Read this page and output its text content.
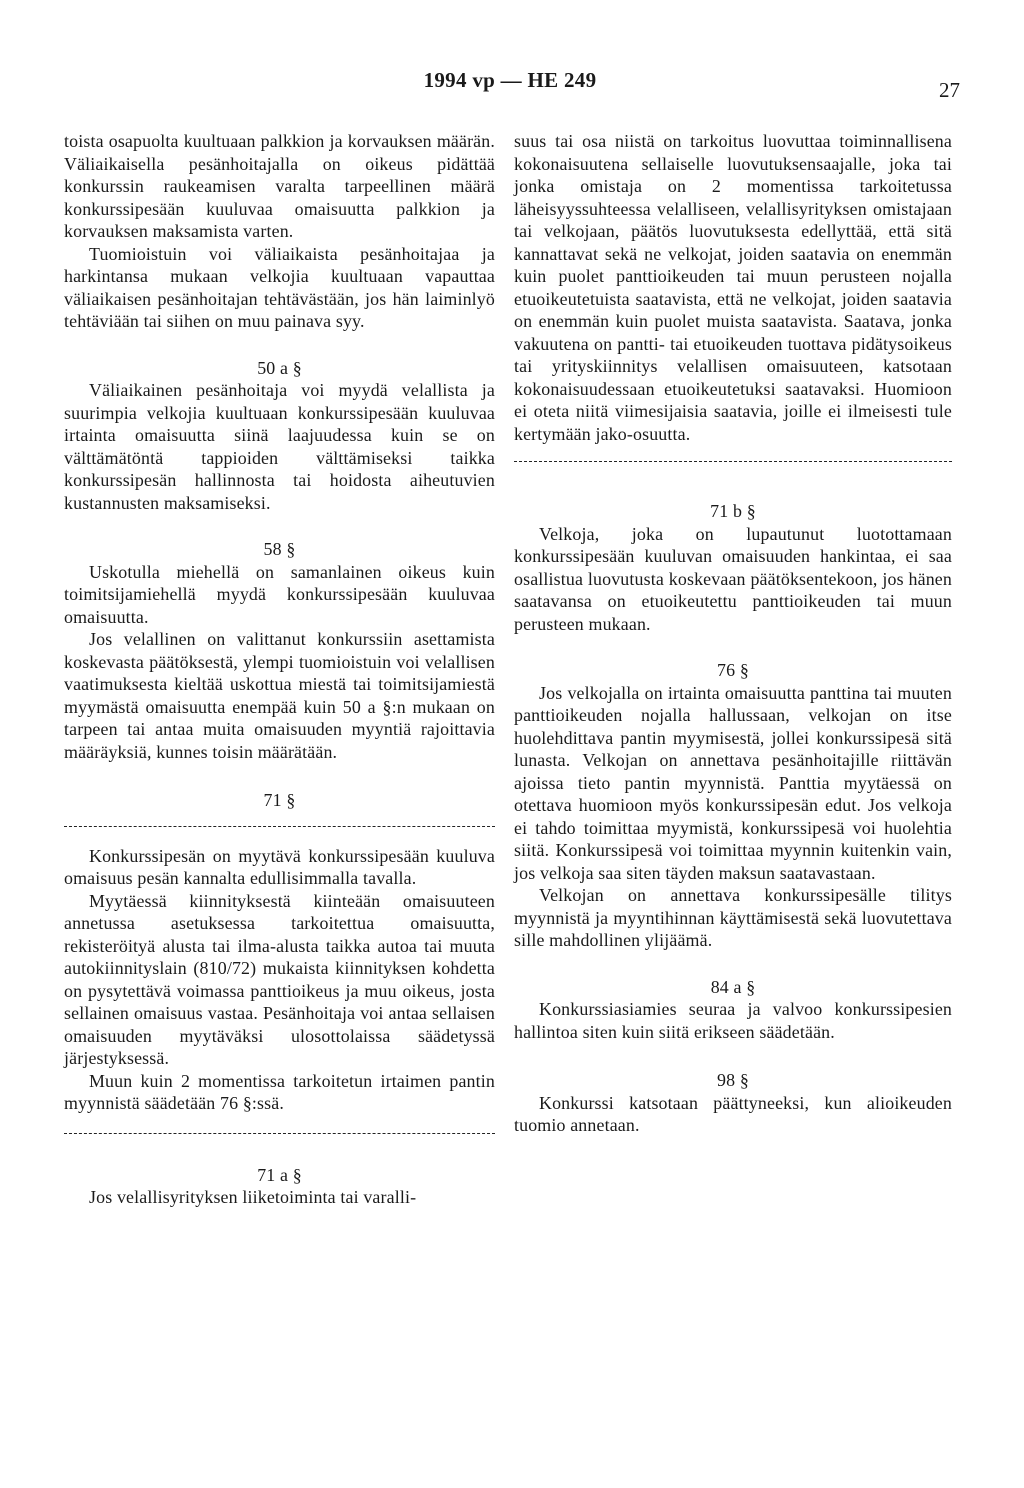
1994 vp — HE 249	27

toista osapuolta kuultuaan palkkion ja korvauksen määrän. Väliaikaisella pesänhoitajalla on oikeus pidättää konkurssin raukeamisen varalta tarpeellinen määrä konkurssipesään kuuluvaa omaisuutta palkkion ja korvauksen maksamista varten.

Tuomioistuin voi väliaikaista pesänhoitajaa ja harkintansa mukaan velkojia kuultuaan vapauttaa väliaikaisen pesänhoitajan tehtävästään, jos hän laiminlyö tehtäviään tai siihen on muu painava syy.

50 a §

Väliaikainen pesänhoitaja voi myydä velallista ja suurimpia velkojia kuultuaan konkurssipesään kuuluvaa irtainta omaisuutta siinä laajuudessa kuin se on välttämätöntä tappioiden välttämiseksi taikka konkurssipesän hallinnosta tai hoidosta aiheutuvien kustannusten maksamiseksi.

58 §

Uskotulla miehellä on samanlainen oikeus kuin toimitsijamiehellä myydä konkurssipesään kuuluvaa omaisuutta.

Jos velallinen on valittanut konkurssiin asettamista koskevasta päätöksestä, ylempi tuomioistuin voi velallisen vaatimuksesta kieltää uskottua miestä tai toimitsijamiestä myymästä omaisuutta enempää kuin 50 a §:n mukaan on tarpeen tai antaa muita omaisuuden myyntiä rajoittavia määräyksiä, kunnes toisin määrätään.

71 §

Konkurssipesän on myytävä konkurssipesään kuuluva omaisuus pesän kannalta edullisimmalla tavalla.

Myytäessä kiinnityksestä kiinteään omaisuuteen annetussa asetuksessa tarkoitettua omaisuutta, rekisteröityä alusta tai ilma-alusta taikka autoa tai muuta autokiinnityslain (810/72) mukaista kiinnityksen kohdetta on pysytettävä voimassa panttioikeus ja muu oikeus, josta sellainen omaisuus vastaa. Pesänhoitaja voi antaa sellaisen omaisuuden myytäväksi ulosottolaissa säädetyssä järjestyksessä.

Muun kuin 2 momentissa tarkoitetun irtaimen pantin myynnistä säädetään 76 §:ssä.

71 a §

Jos velallisyrityksen liiketoiminta tai varalli-

suus tai osa niistä on tarkoitus luovuttaa toiminnallisena kokonaisuutena sellaiselle luovutuksensaajalle, joka tai jonka omistaja on 2 momentissa tarkoitetussa läheisyyssuhteessa velalliseen, velallisyrityksen omistajaan tai velkojaan, päätös luovutuksesta edellyttää, että sitä kannattavat sekä ne velkojat, joiden saatavia on enemmän kuin puolet panttioikeuden tai muun perusteen nojalla etuoikeutetuista saatavista, että ne velkojat, joiden saatavia on enemmän kuin puolet muista saatavista. Saatava, jonka vakuutena on pantti- tai etuoikeuden tuottava pidätysoikeus tai yrityskiinnitys velallisen omaisuuteen, katsotaan kokonaisuudessaan etuoikeutetuksi saatavaksi. Huomioon ei oteta niitä viimesijaisia saatavia, joille ei ilmeisesti tule kertymään jako-osuutta.

71 b §

Velkoja, joka on lupautunut luotottamaan konkurssipesään kuuluvan omaisuuden hankintaa, ei saa osallistua luovutusta koskevaan päätöksentekoon, jos hänen saatavansa on etuoikeutettu panttioikeuden tai muun perusteen mukaan.

76 §

Jos velkojalla on irtainta omaisuutta panttina tai muuten panttioikeuden nojalla hallussaan, velkojan on itse huolehdittava pantin myymisestä, jollei konkurssipesä sitä lunasta. Velkojan on annettava pesänhoitajille riittävän ajoissa tieto pantin myynnistä. Panttia myytäessä on otettava huomioon myös konkurssipesän edut. Jos velkoja ei tahdo toimittaa myymistä, konkurssipesä voi huolehtia siitä. Konkurssipesä voi toimittaa myynnin kuitenkin vain, jos velkoja saa siten täyden maksun saatavastaan.

Velkojan on annettava konkurssipesälle tilitys myynnistä ja myyntihinnan käyttämisestä sekä luovutettava sille mahdollinen ylijäämä.

84 a §

Konkurssiasiamies seuraa ja valvoo konkurssipesien hallintoa siten kuin siitä erikseen säädetään.

98 §

Konkurssi katsotaan päättyneeksi, kun alioikeuden tuomio annetaan.
